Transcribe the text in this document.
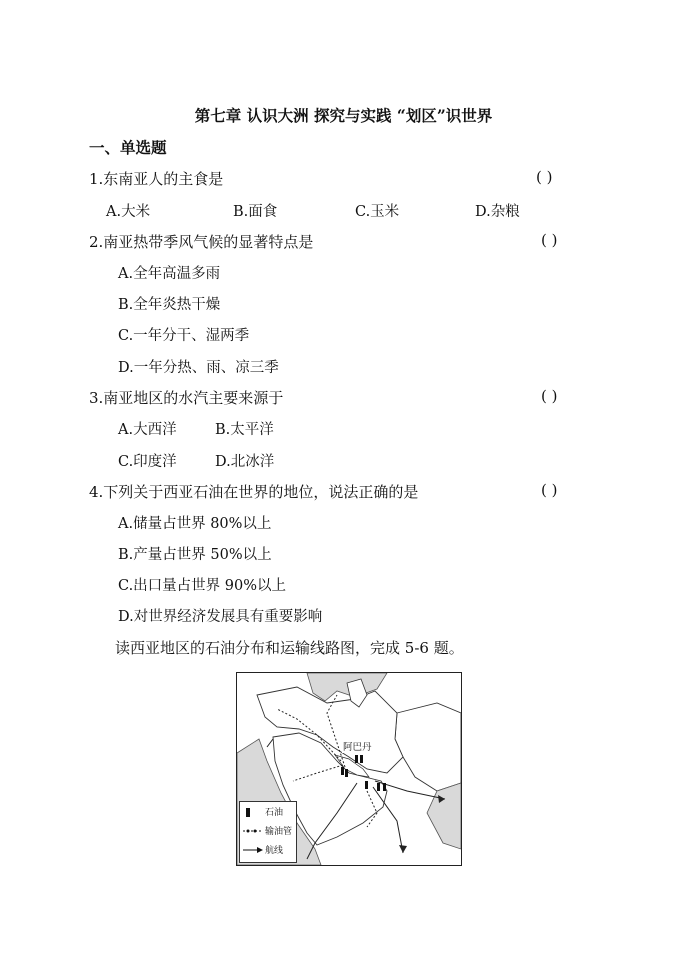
第七章 认识大洲 探究与实践 “划区”识世界
一、单选题
1.东南亚人的主食是	( )
A.大米	B.面食	C.玉米	D.杂粮
2.南亚热带季风气候的显著特点是	( )
A.全年高温多雨
B.全年炎热干燥
C.一年分干、湿两季
D.一年分热、雨、凉三季
3.南亚地区的水汽主要来源于	( )
A.大西洋	B.太平洋
C.印度洋	D.北冰洋
4.下列关于西亚石油在世界的地位，说法正确的是	( )
A.储量占世界 80%以上
B.产量占世界 50%以上
C.出口量占世界 90%以上
D.对世界经济发展具有重要影响
读西亚地区的石油分布和运输线路图，完成 5-6 题。
阿巴丹
石油
输油管
航线
